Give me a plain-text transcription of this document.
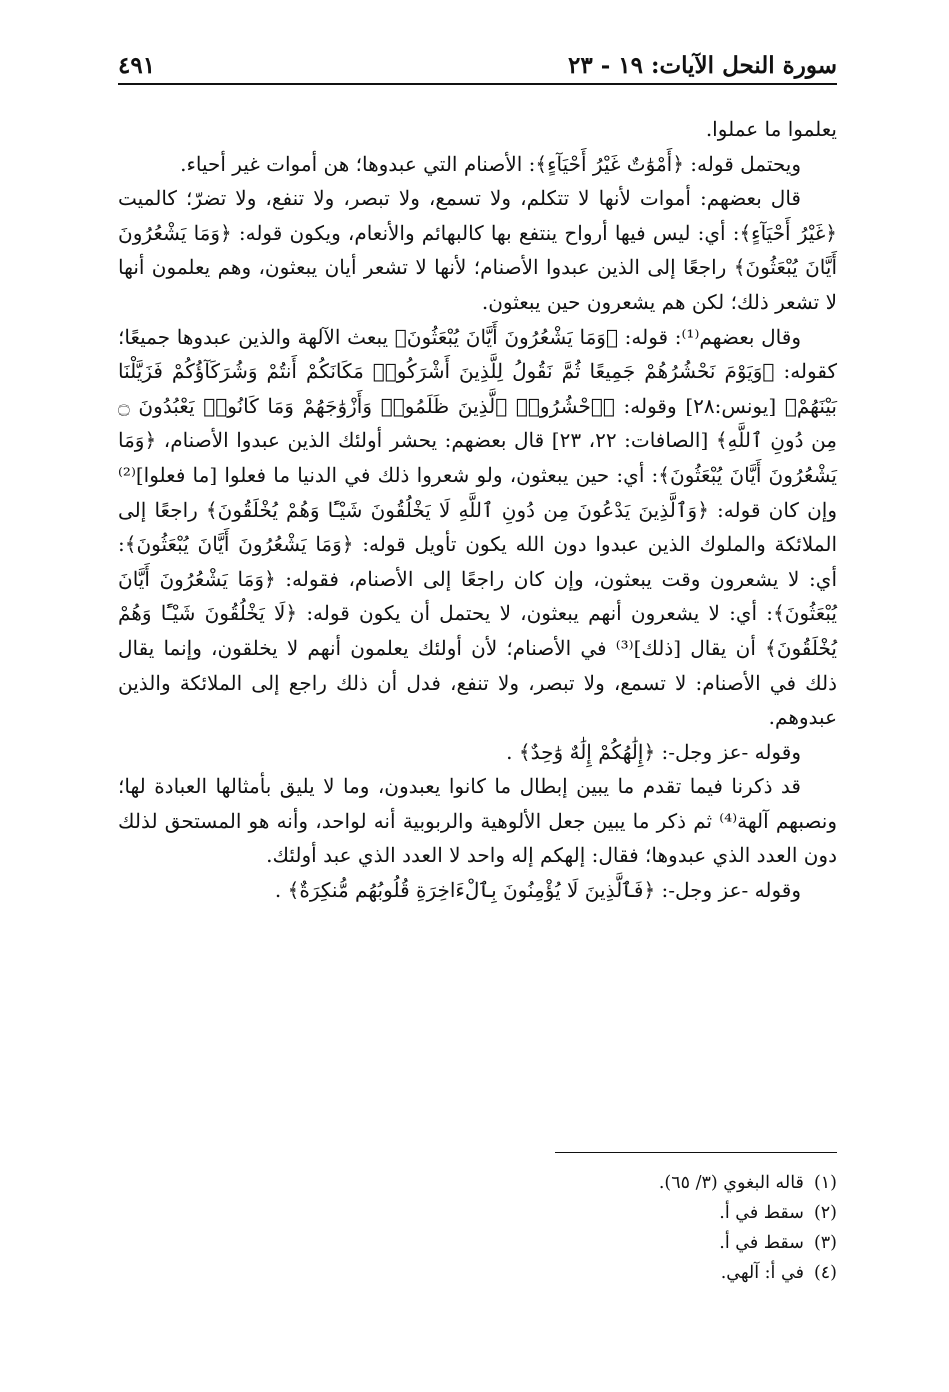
سورة النحل الآيات: ١٩ - ٢٣
٤٩١

يعلموا ما عملوا.

ويحتمل قوله: ﴿أَمْوَٰتٌ غَيْرُ أَحْيَآءٍ﴾: الأصنام التي عبدوها؛ هن أموات غير أحياء.

قال بعضهم: أموات لأنها لا تتكلم، ولا تسمع، ولا تبصر، ولا تنفع، ولا تضرّ؛ كالميت ﴿غَيْرُ أَحْيَآءٍ﴾: أي: ليس فيها أرواح ينتفع بها كالبهائم والأنعام، ويكون قوله: ﴿وَمَا يَشْعُرُونَ أَيَّانَ يُبْعَثُونَ﴾ راجعًا إلى الذين عبدوا الأصنام؛ لأنها لا تشعر أيان يبعثون، وهم يعلمون أنها لا تشعر ذلك؛ لكن هم يشعرون حين يبعثون.

وقال بعضهم⁽¹⁾: قوله: ﴿وَمَا يَشْعُرُونَ أَيَّانَ يُبْعَثُونَ﴾ يبعث الآلهة والذين عبدوها جميعًا؛ كقوله: ﴿وَيَوْمَ نَحْشُرُهُمْ جَمِيعًا ثُمَّ نَقُولُ لِلَّذِينَ أَشْرَكُوا۟ مَكَانَكُمْ أَنتُمْ وَشُرَكَآؤُكُمْ فَزَيَّلْنَا بَيْنَهُمْ﴾ [يونس:٢٨] وقوله: ﴿ٱحْشُرُوا۟ ٱلَّذِينَ ظَلَمُوا۟ وَأَزْوَٰجَهُمْ وَمَا كَانُوا۟ يَعْبُدُونَ ۝ مِن دُونِ ٱللَّهِ﴾ [الصافات: ٢٢، ٢٣] قال بعضهم: يحشر أولئك الذين عبدوا الأصنام، ﴿وَمَا يَشْعُرُونَ أَيَّانَ يُبْعَثُونَ﴾: أي: حين يبعثون، ولو شعروا ذلك في الدنيا ما فعلوا [ما فعلوا]⁽²⁾ وإن كان قوله: ﴿وَٱلَّذِينَ يَدْعُونَ مِن دُونِ ٱللَّهِ لَا يَخْلُقُونَ شَيْـًٔا وَهُمْ يُخْلَقُونَ﴾ راجعًا إلى الملائكة والملوك الذين عبدوا دون الله يكون تأويل قوله: ﴿وَمَا يَشْعُرُونَ أَيَّانَ يُبْعَثُونَ﴾: أي: لا يشعرون وقت يبعثون، وإن كان راجعًا إلى الأصنام، فقوله: ﴿وَمَا يَشْعُرُونَ أَيَّانَ يُبْعَثُونَ﴾: أي: لا يشعرون أنهم يبعثون، لا يحتمل أن يكون قوله: ﴿لَا يَخْلُقُونَ شَيْـًٔا وَهُمْ يُخْلَقُونَ﴾ أن يقال [ذلك]⁽³⁾ في الأصنام؛ لأن أولئك يعلمون أنهم لا يخلقون، وإنما يقال ذلك في الأصنام: لا تسمع، ولا تبصر، ولا تنفع، فدل أن ذلك راجع إلى الملائكة والذين عبدوهم.

وقوله -عز وجل-: ﴿إِلَٰهُكُمْ إِلَٰهٌ وَٰحِدٌ﴾ .

قد ذكرنا فيما تقدم ما يبين إبطال ما كانوا يعبدون، وما لا يليق بأمثالها العبادة لها؛ ونصبهم آلهة⁽⁴⁾ ثم ذكر ما يبين جعل الألوهية والربوبية أنه لواحد، وأنه هو المستحق لذلك دون العدد الذي عبدوها؛ فقال: إلهكم إله واحد لا العدد الذي عبد أولئك.

وقوله -عز وجل-: ﴿فَٱلَّذِينَ لَا يُؤْمِنُونَ بِٱلْءَاخِرَةِ قُلُوبُهُم مُّنكِرَةٌ﴾ .

(١)
قاله البغوي (٣/ ٦٥).

(٢)
سقط في أ.

(٣)
سقط في أ.

(٤)
في أ: آلهي.
